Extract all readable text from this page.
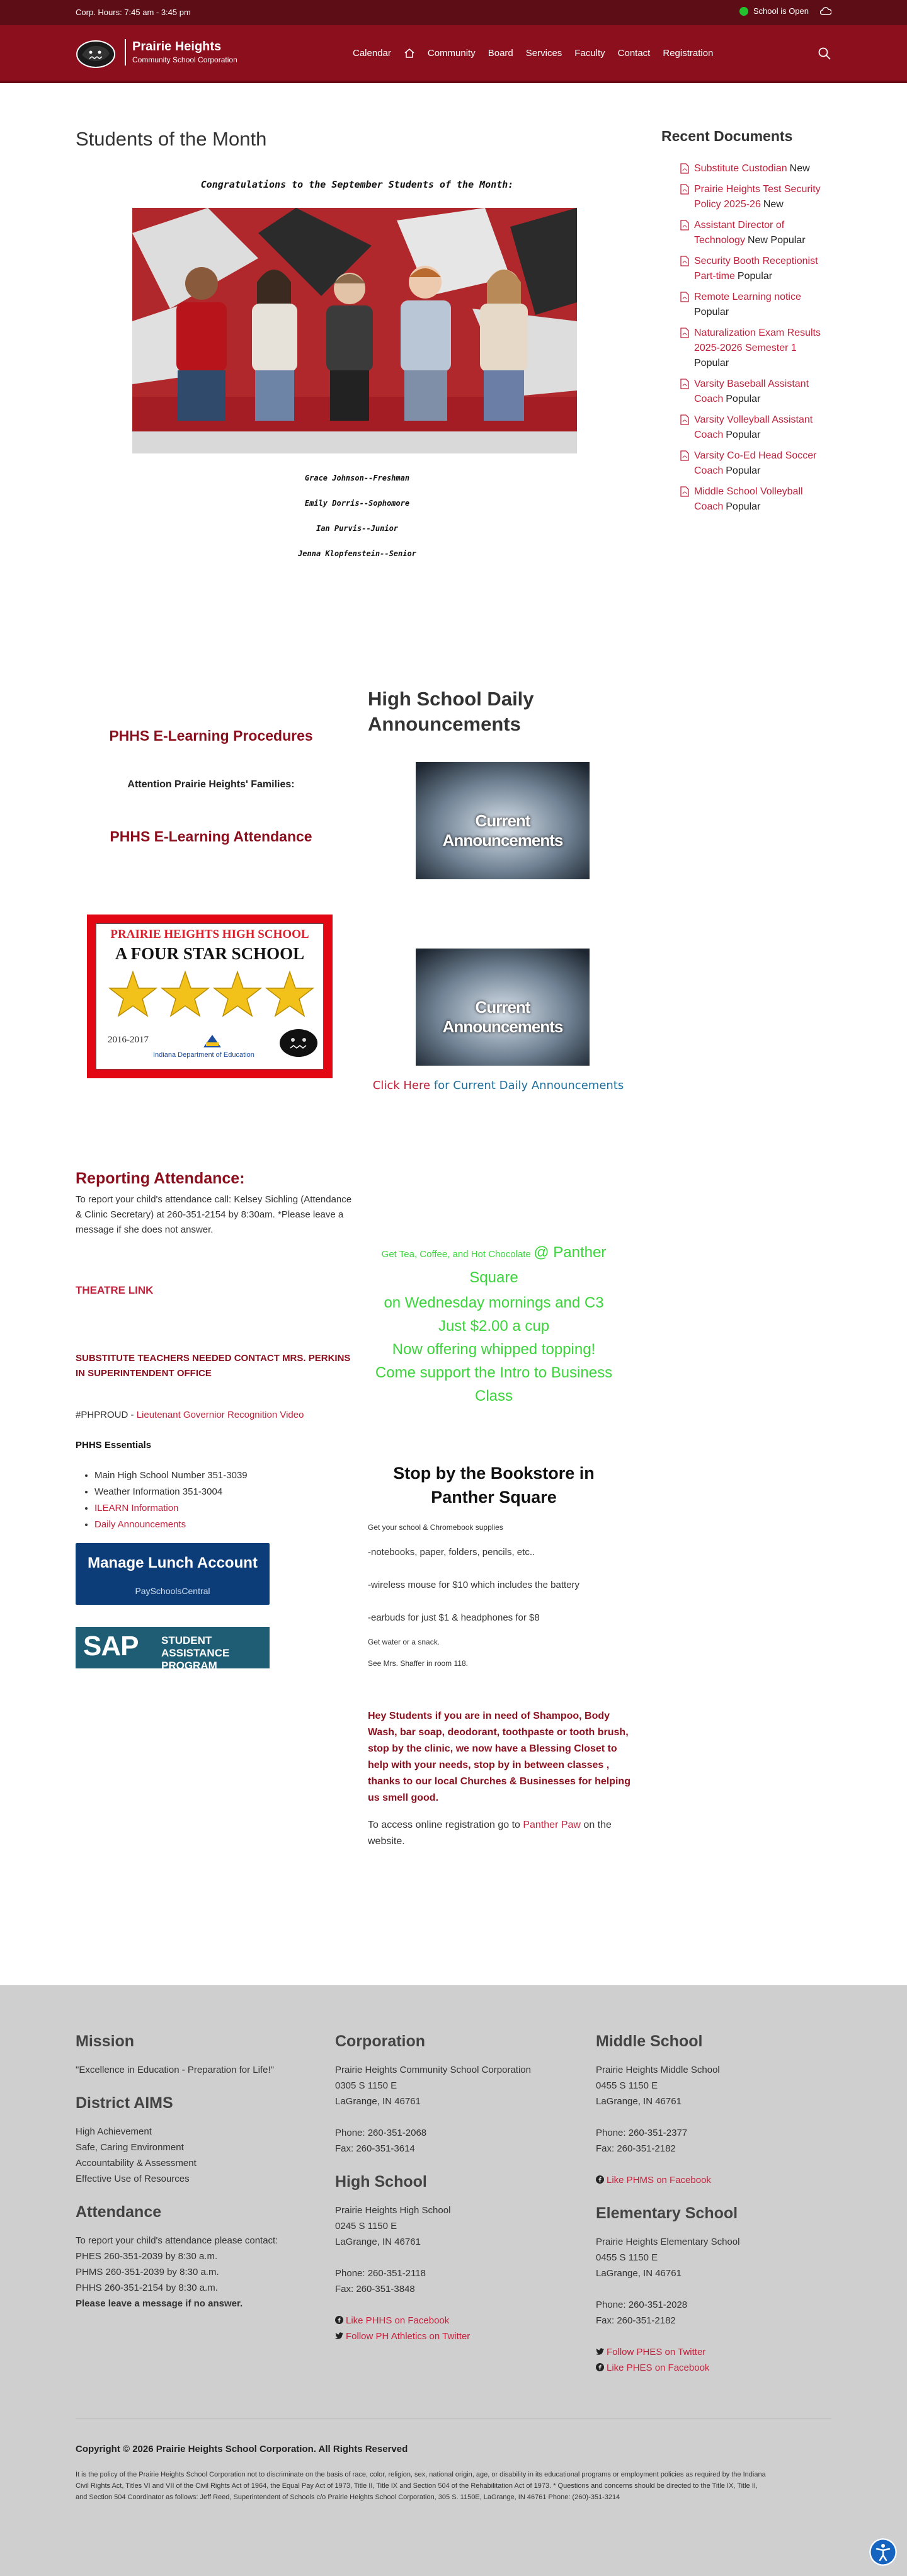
Corp. Hours: 7:45 am - 3:45 pm	School is Open
Prairie Heights
Community School Corporation
Calendar	Community Board Services Faculty Contact Registration
Students of the Month
Congratulations to the September Students of the Month:
Grace Johnson--Freshman
Emily Dorris--Sophomore
Ian Purvis--Junior
Jenna Klopfenstein--Senior
Recent Documents
Substitute Custodian New
Prairie Heights Test Security Policy 2025-26 New
Assistant Director of Technology New Popular
Security Booth Receptionist Part-time Popular
Remote Learning notice
Popular
Naturalization Exam Results 2025-2026 Semester 1
Popular
Varsity Baseball Assistant Coach Popular
Varsity Volleyball Assistant Coach Popular
Varsity Co-Ed Head Soccer Coach Popular
Middle School Volleyball Coach Popular
PHHS E-Learning Procedures
Attention Prairie Heights' Families:
PHHS E-Learning Attendance
PRAIRIE HEIGHTS HIGH SCHOOL
A FOUR STAR SCHOOL
2016-2017
Indiana Department of Education
Reporting Attendance:

To report your child's attendance call: Kelsey Sichling (Attendance & Clinic Secretary) at 260-351-2154 by 8:30am. *Please leave a message if she does not answer.

THEATRE LINK
SUBSTITUTE TEACHERS NEEDED CONTACT MRS. PERKINS IN SUPERINTENDENT OFFICE
#PHPROUD - Lieutenant Governior Recognition Video
PHHS Essentials
• Main High School Number 351-3039
• Weather Information 351-3004
• ILEARN Information
• Daily Announcements
Manage Lunch Account
PaySchoolsCentral
SAP STUDENT ASSISTANCE PROGRAM
High School Daily Announcements
Current Announcements
Current Announcements
Click Here for Current Daily Announcements
Get Tea, Coffee, and Hot Chocolate @ Panther Square
on Wednesday mornings and C3
Just $2.00 a cup
Now offering whipped topping!
Come support the Intro to Business Class
Stop by the Bookstore in Panther Square

Get your school & Chromebook supplies

-notebooks, paper, folders, pencils, etc..

-wireless mouse for $10 which includes the battery

-earbuds for just $1 & headphones for $8

Get water or a snack.

See Mrs. Shaffer in room 118.

Hey Students if you are in need of Shampoo, Body Wash, bar soap, deodorant, toothpaste or tooth brush, stop by the clinic, we now have a Blessing Closet to help with your needs, stop by in between classes , thanks to our local Churches & Businesses for helping us smell good.

To access online registration go to Panther Paw on the website.

Mission
"Excellence in Education - Preparation for Life!"
District AIMS
High Achievement
Safe, Caring Environment
Accountability & Assessment
Effective Use of Resources
Attendance
To report your child's attendance please contact:
PHES 260-351-2039 by 8:30 a.m.
PHMS 260-351-2039 by 8:30 a.m.
PHHS 260-351-2154 by 8:30 a.m.
Please leave a message if no answer.
Corporation
Prairie Heights Community School Corporation
0305 S 1150 E
LaGrange, IN 46761
Phone: 260-351-2068
Fax: 260-351-3614
High School
Prairie Heights High School
0245 S 1150 E
LaGrange, IN 46761
Phone: 260-351-2118
Fax: 260-351-3848
Like PHHS on Facebook
Follow PH Athletics on Twitter
Middle School
Prairie Heights Middle School
0455 S 1150 E
LaGrange, IN 46761
Phone: 260-351-2377
Fax: 260-351-2182
Like PHMS on Facebook
Elementary School
Prairie Heights Elementary School
0455 S 1150 E
LaGrange, IN 46761
Phone: 260-351-2028
Fax: 260-351-2182
Follow PHES on Twitter
Like PHES on Facebook
Copyright © 2026 Prairie Heights School Corporation. All Rights Reserved

It is the policy of the Prairie Heights School Corporation not to discriminate on the basis of race, color, religion, sex, national origin, age, or disability in its educational programs or employment policies as required by the Indiana Civil Rights Act, Titles VI and VII of the Civil Rights Act of 1964, the Equal Pay Act of 1973, Title II, Title IX and Section 504 of the Rehabilitation Act of 1973. * Questions and concerns should be directed to the Title IX, Title II, and Section 504 Coordinator as follows: Jeff Reed, Superintendent of Schools c/o Prairie Heights School Corporation, 305 S. 1150E, LaGrange, IN 46761 Phone: (260)-351-3214
